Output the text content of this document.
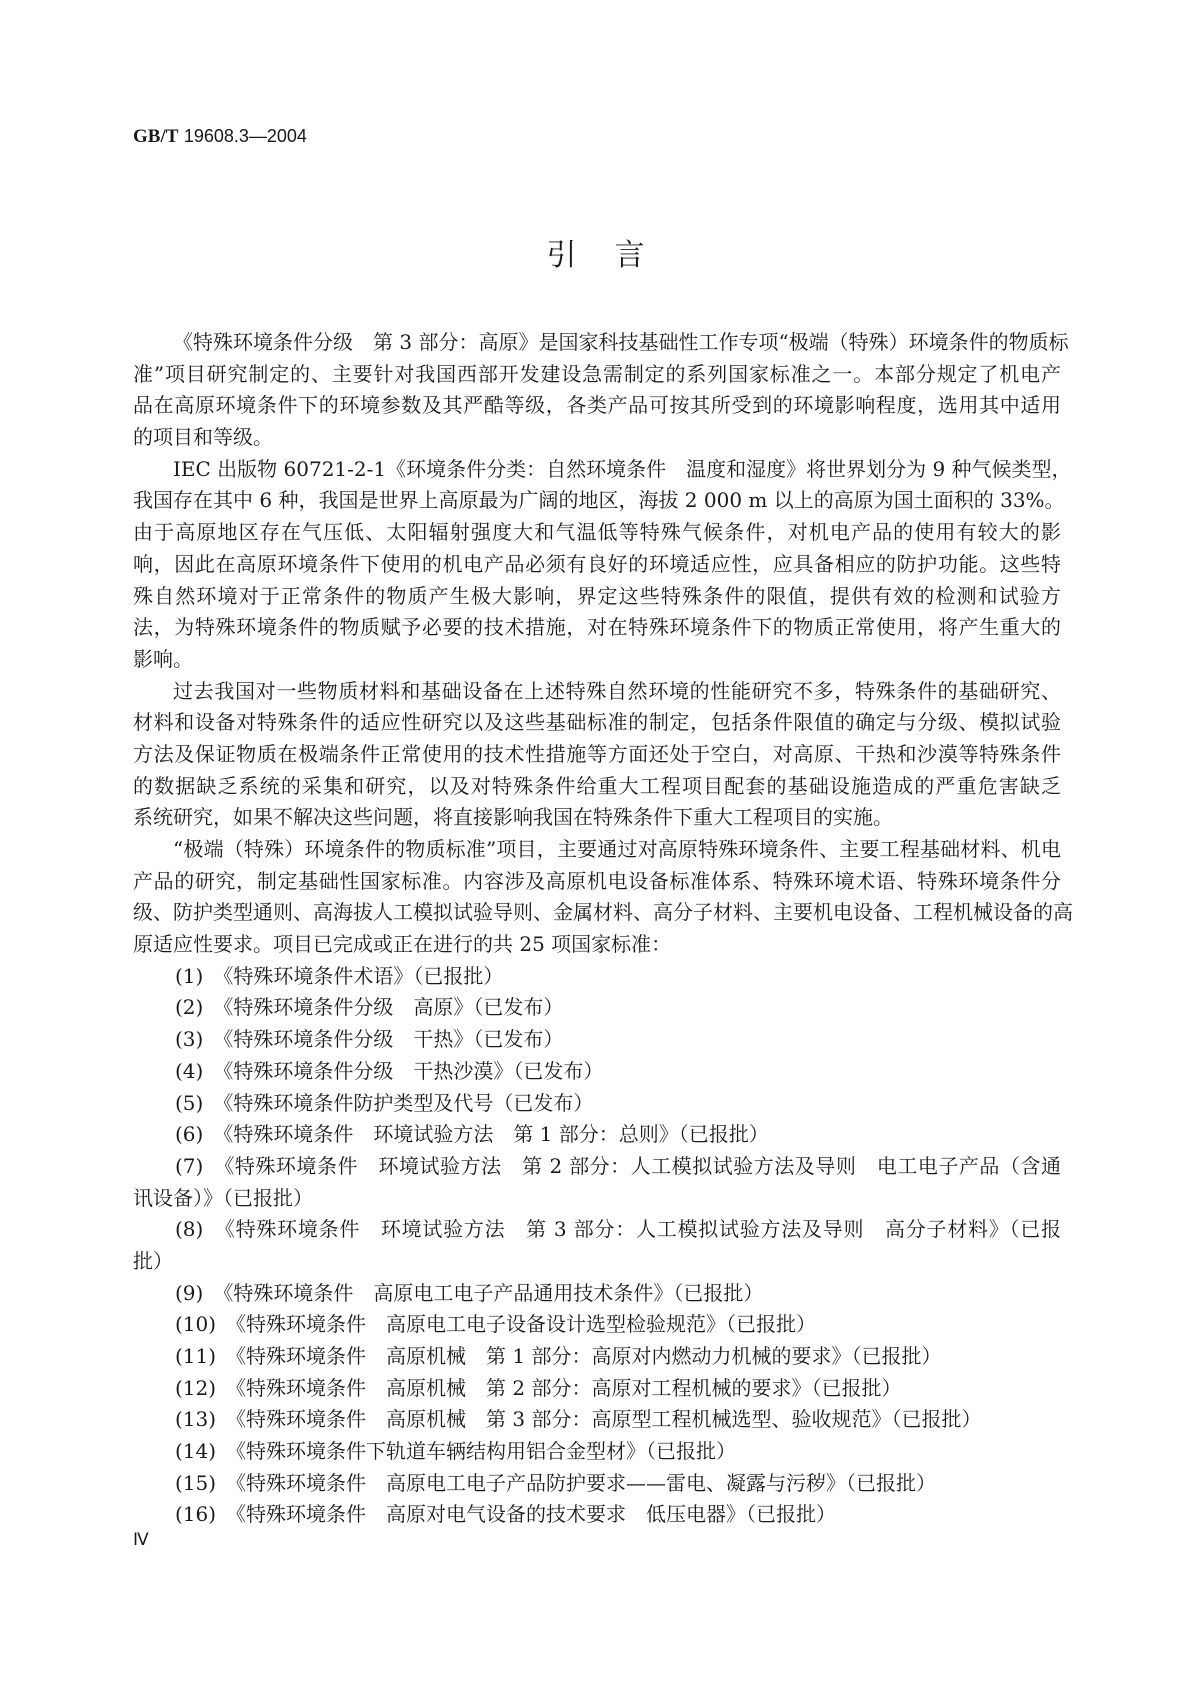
GB/T 19608.3—2004
引言
《特殊环境条件分级　第 3 部分：高原》是国家科技基础性工作专项“极端（特殊）环境条件的物质标
准”项目研究制定的、主要针对我国西部开发建设急需制定的系列国家标准之一。本部分规定了机电产
品在高原环境条件下的环境参数及其严酷等级，各类产品可按其所受到的环境影响程度，选用其中适用
的项目和等级。
IEC 出版物 60721-2-1《环境条件分类：自然环境条件　温度和湿度》将世界划分为 9 种气候类型，
我国存在其中 6 种，我国是世界上高原最为广阔的地区，海拔 2 000 m 以上的高原为国土面积的 33%。
由于高原地区存在气压低、太阳辐射强度大和气温低等特殊气候条件，对机电产品的使用有较大的影
响，因此在高原环境条件下使用的机电产品必须有良好的环境适应性，应具备相应的防护功能。这些特
殊自然环境对于正常条件的物质产生极大影响，界定这些特殊条件的限值，提供有效的检测和试验方
法，为特殊环境条件的物质赋予必要的技术措施，对在特殊环境条件下的物质正常使用，将产生重大的
影响。
过去我国对一些物质材料和基础设备在上述特殊自然环境的性能研究不多，特殊条件的基础研究、
材料和设备对特殊条件的适应性研究以及这些基础标准的制定，包括条件限值的确定与分级、模拟试验
方法及保证物质在极端条件正常使用的技术性措施等方面还处于空白，对高原、干热和沙漠等特殊条件
的数据缺乏系统的采集和研究，以及对特殊条件给重大工程项目配套的基础设施造成的严重危害缺乏
系统研究，如果不解决这些问题，将直接影响我国在特殊条件下重大工程项目的实施。
“极端（特殊）环境条件的物质标准”项目，主要通过对高原特殊环境条件、主要工程基础材料、机电
产品的研究，制定基础性国家标准。内容涉及高原机电设备标准体系、特殊环境术语、特殊环境条件分
级、防护类型通则、高海拔人工模拟试验导则、金属材料、高分子材料、主要机电设备、工程机械设备的高
原适应性要求。项目已完成或正在进行的共 25 项国家标准：
(1)　《特殊环境条件术语》（已报批）
(2)　《特殊环境条件分级　高原》（已发布）
(3)　《特殊环境条件分级　干热》（已发布）
(4)　《特殊环境条件分级　干热沙漠》（已发布）
(5)　《特殊环境条件防护类型及代号（已发布）
(6)　《特殊环境条件　环境试验方法　第 1 部分：总则》（已报批）
(7)　《特殊环境条件　环境试验方法　第 2 部分：人工模拟试验方法及导则　电工电子产品（含通
讯设备）》（已报批）
(8)　《特殊环境条件　环境试验方法　第 3 部分：人工模拟试验方法及导则　高分子材料》（已报
批）
(9)　《特殊环境条件　高原电工电子产品通用技术条件》（已报批）
(10)　《特殊环境条件　高原电工电子设备设计选型检验规范》（已报批）
(11)　《特殊环境条件　高原机械　第 1 部分：高原对内燃动力机械的要求》（已报批）
(12)　《特殊环境条件　高原机械　第 2 部分：高原对工程机械的要求》（已报批）
(13)　《特殊环境条件　高原机械　第 3 部分：高原型工程机械选型、验收规范》（已报批）
(14)　《特殊环境条件下轨道车辆结构用铝合金型材》（已报批）
(15)　《特殊环境条件　高原电工电子产品防护要求——雷电、凝露与污秽》（已报批）
(16)　《特殊环境条件　高原对电气设备的技术要求　低压电器》（已报批）
Ⅳ
